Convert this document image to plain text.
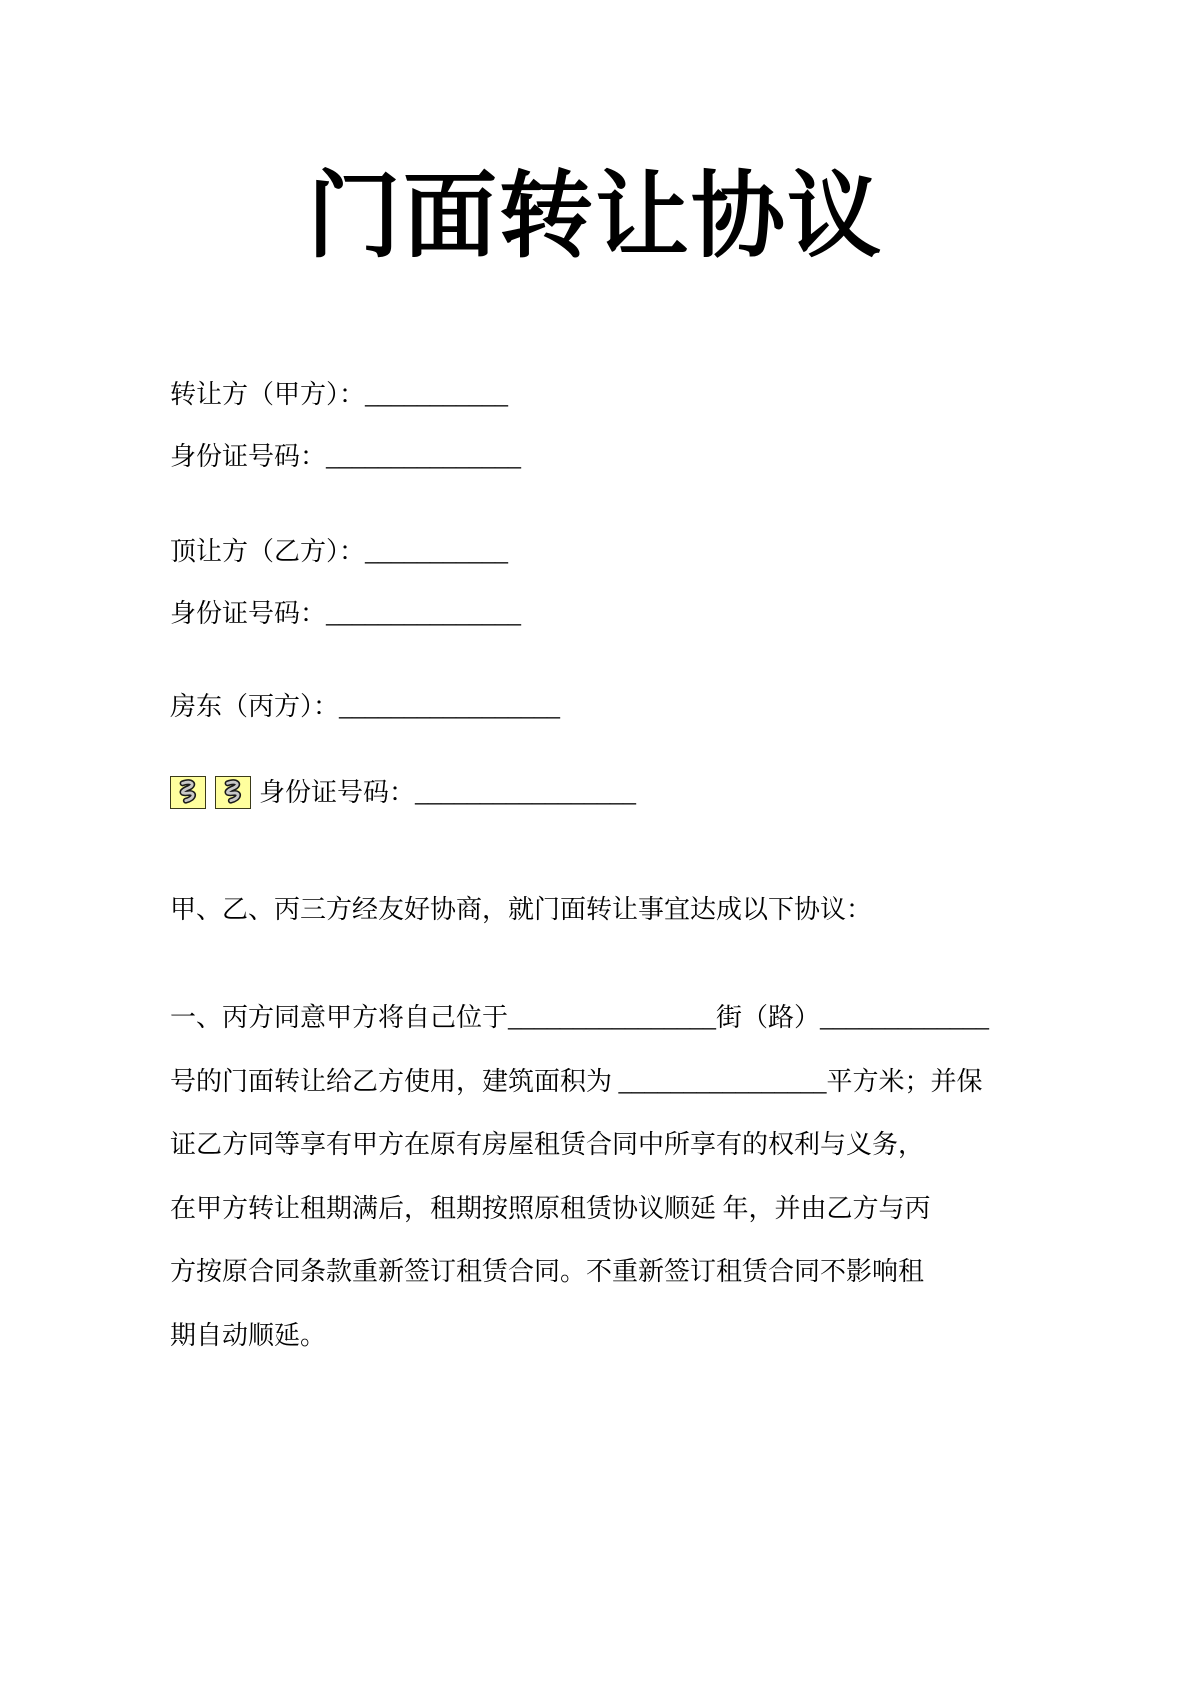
门面转让协议
转让方（甲方）：___________
身份证号码：_______________
顶让方（乙方）：___________
身份证号码：_______________
房东（丙方）：_________________

身份证号码：_________________
甲、乙、丙三方经友好协商，就门面转让事宜达成以下协议：
一、丙方同意甲方将自己位于________________街（路）_____________
号的门面转让给乙方使用，建筑面积为 ________________平方米；并保
证乙方同等享有甲方在原有房屋租赁合同中所享有的权利与义务，
在甲方转让租期满后，租期按照原租赁协议顺延 年，并由乙方与丙
方按原合同条款重新签订租赁合同。不重新签订租赁合同不影响租
期自动顺延。
